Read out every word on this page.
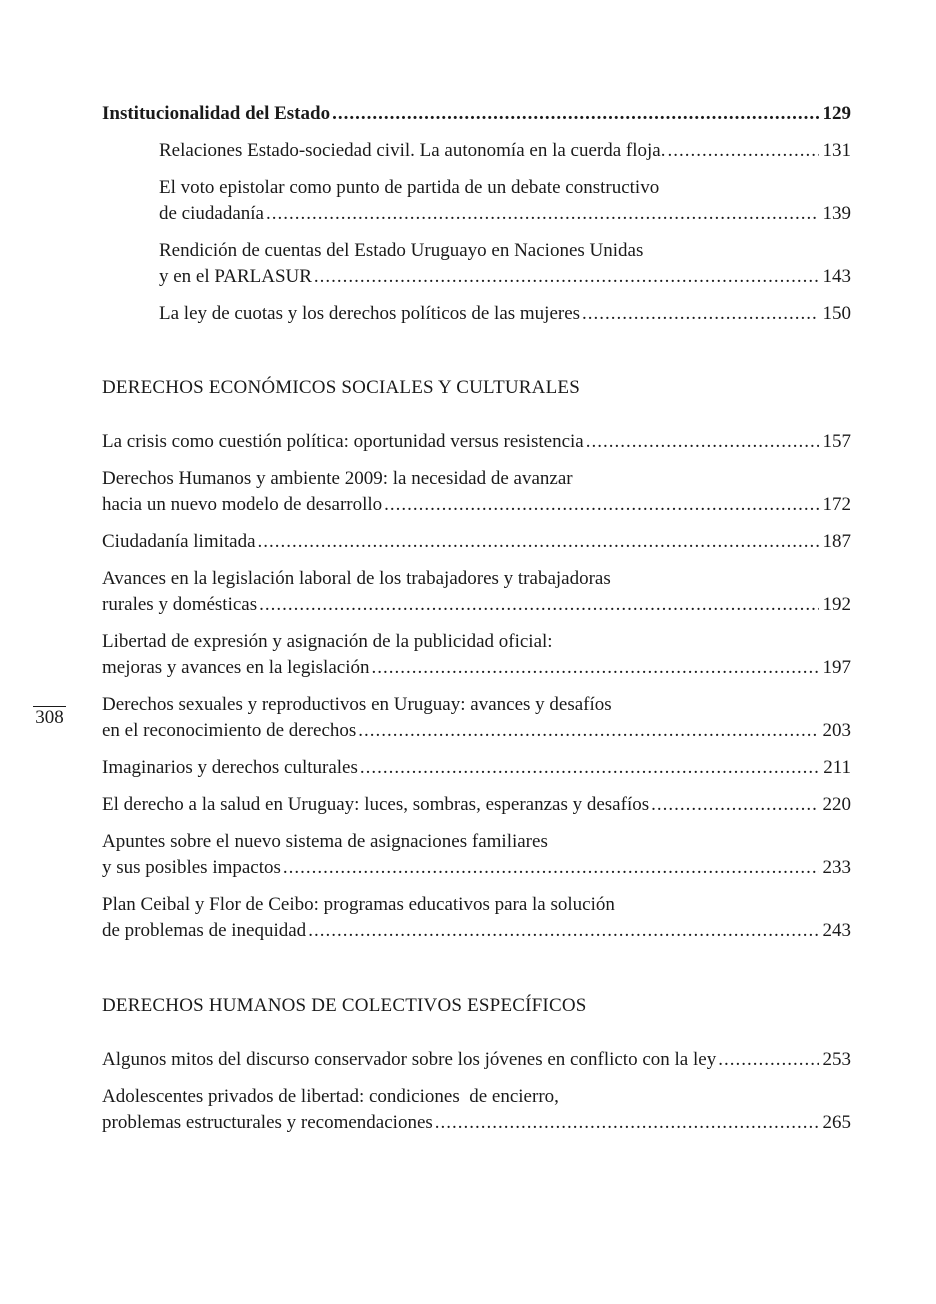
308
Institucionalidad del Estado .....	129
Relaciones Estado-sociedad civil. La autonomía en la cuerda floja. .....	131
El voto epistolar como punto de partida de un debate constructivo
de ciudadanía .....	139
Rendición de cuentas del Estado Uruguayo en Naciones Unidas
y en el PARLASUR .....	143
La ley de cuotas y los derechos políticos de las mujeres .....	150
DERECHOS ECONÓMICOS SOCIALES Y CULTURALES
La crisis como cuestión política: oportunidad versus resistencia .....	157
Derechos Humanos y ambiente 2009: la necesidad de avanzar
hacia un nuevo modelo de desarrollo .....	172
Ciudadanía limitada .....	187
Avances en la legislación laboral de los trabajadores y trabajadoras
rurales y domésticas .....	192
Libertad de expresión y asignación de la publicidad oficial:
mejoras y avances en la legislación .....	197
Derechos sexuales y reproductivos en Uruguay: avances y desafíos
en el reconocimiento de derechos .....	203
Imaginarios y derechos culturales .....	211
El derecho a la salud en Uruguay: luces, sombras, esperanzas y desafíos .....	220
Apuntes sobre el nuevo sistema de asignaciones familiares
y sus posibles impactos .....	233
Plan Ceibal y Flor de Ceibo: programas educativos para la solución
de problemas de inequidad .....	243
DERECHOS HUMANOS DE COLECTIVOS ESPECÍFICOS
Algunos mitos del discurso conservador sobre los jóvenes en conflicto con la ley .....	253
Adolescentes privados de libertad: condiciones  de encierro,
problemas estructurales y recomendaciones .....	265
